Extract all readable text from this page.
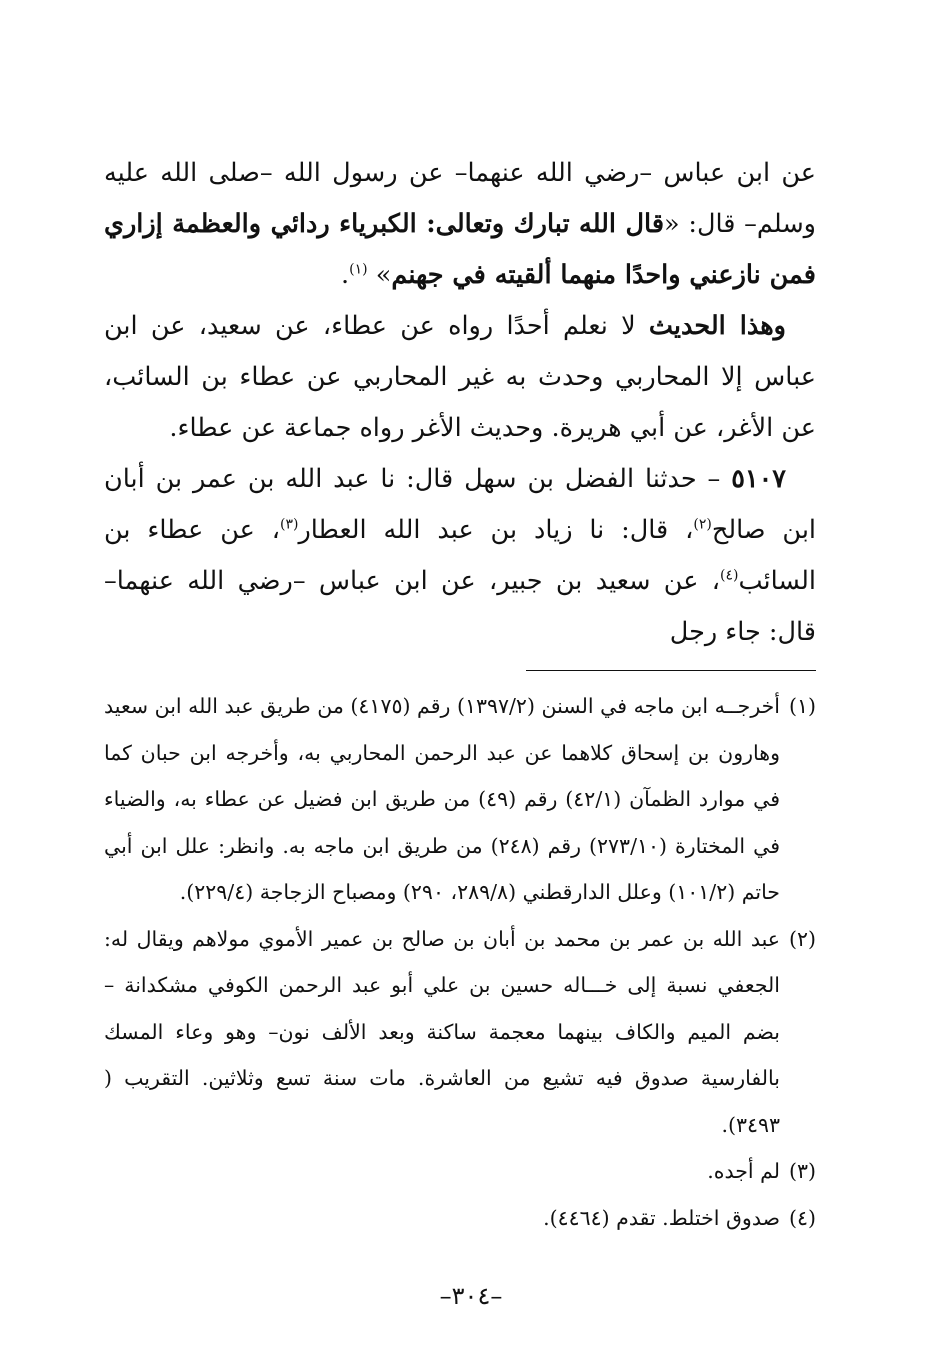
عن ابن عباس –رضي الله عنهما– عن رسول الله –صلى الله عليه وسلم– قال: «قال الله تبارك وتعالى: الكبرياء ردائي والعظمة إزاري فمن نازعني واحدًا منهما ألقيته في جهنم» $^{(١)}$.

وهذا الحديث لا نعلم أحدًا رواه عن عطاء، عن سعيد، عن ابن عباس إلا المحاربي وحدث به غير المحاربي عن عطاء بن السائب، عن الأغر، عن أبي هريرة. وحديث الأغر رواه جماعة عن عطاء.

٥١٠٧ – حدثنا الفضل بن سهل قال: نا عبد الله بن عمر بن أبان ابن صالح$^{(٢)}$، قال: نا زياد بن عبد الله العطار$^{(٣)}$، عن عطاء بن السائب$^{(٤)}$، عن سعيد بن جبير، عن ابن عباس –رضي الله عنهما– قال: جاء رجل

(١)
أخرجــه ابن ماجه في السنن (١٣٩٧/٢) رقم (٤١٧٥) من طريق عبد الله ابن سعيد وهارون بن إسحاق كلاهما عن عبد الرحمن المحاربي به، وأخرجه ابن حبان كما في موارد الظمآن (٤٢/١) رقم (٤٩) من طريق ابن فضيل عن عطاء به، والضياء في المختارة (٢٧٣/١٠) رقم (٢٤٨) من طريق ابن ماجه به. وانظر: علل ابن أبي حاتم (١٠١/٢) وعلل الدارقطني (٢٨٩/٨، ٢٩٠) ومصباح الزجاجة (٢٢٩/٤).
(٢)
عبد الله بن عمر بن محمد بن أبان بن صالح بن عمير الأموي مولاهم ويقال له: الجعفي نسبة إلى خـــاله حسين بن علي أبو عبد الرحمن الكوفي مشكدانة – بضم الميم والكاف بينهما معجمة ساكنة وبعد الألف نون– وهو وعاء المسك بالفارسية صدوق فيه تشيع من العاشرة. مات سنة تسع وثلاثين. التقريب ( ٣٤٩٣).
(٣)
لم أجده.
(٤)
صدوق اختلط. تقدم (٤٤٦٤).
–٣٠٤–
